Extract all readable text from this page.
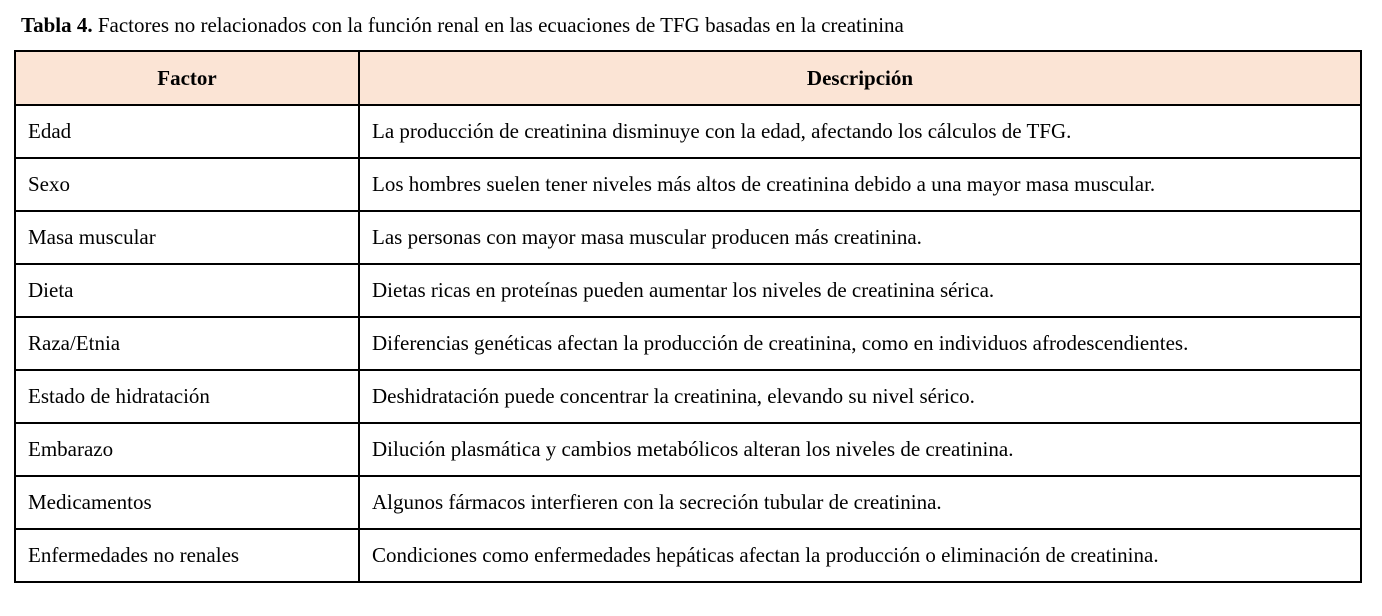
Tabla 4. Factores no relacionados con la función renal en las ecuaciones de TFG basadas en la creatinina
Factor	Descripción
Edad	La producción de creatinina disminuye con la edad, afectando los cálculos de TFG.
Sexo	Los hombres suelen tener niveles más altos de creatinina debido a una mayor masa muscular.
Masa muscular	Las personas con mayor masa muscular producen más creatinina.
Dieta	Dietas ricas en proteínas pueden aumentar los niveles de creatinina sérica.
Raza/Etnia	Diferencias genéticas afectan la producción de creatinina, como en individuos afrodescendientes.
Estado de hidratación	Deshidratación puede concentrar la creatinina, elevando su nivel sérico.
Embarazo	Dilución plasmática y cambios metabólicos alteran los niveles de creatinina.
Medicamentos	Algunos fármacos interfieren con la secreción tubular de creatinina.
Enfermedades no renales	Condiciones como enfermedades hepáticas afectan la producción o eliminación de creatinina.
